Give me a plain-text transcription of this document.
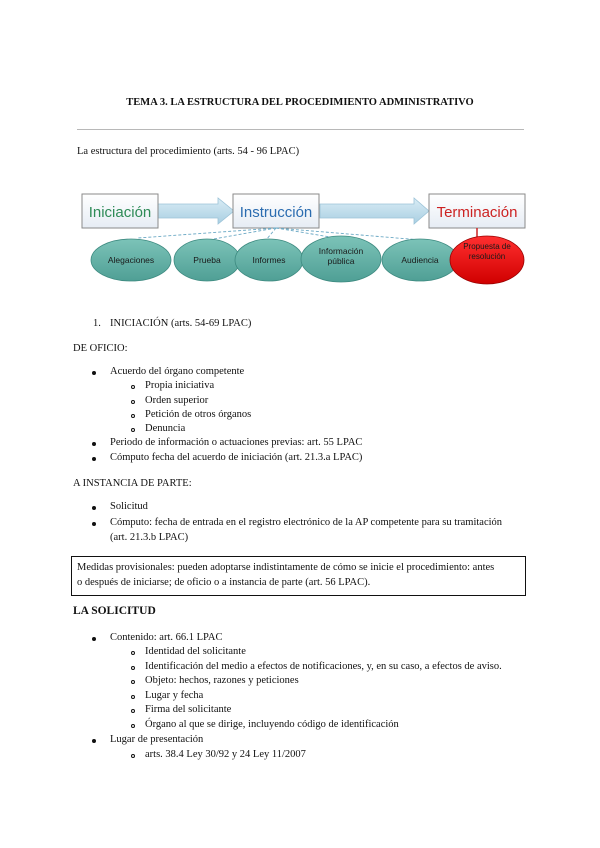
TEMA 3. LA ESTRUCTURA DEL PROCEDIMIENTO ADMINISTRATIVO
La estructura del procedimiento (arts. 54 - 96 LPAC)
Iniciación	Instrucción	Terminación
Alegaciones	Prueba	Informes
Información pública	Audiencia
Propuesta de resolución
1. INICIACIÓN (arts. 54-69 LPAC)
DE OFICIO:
Acuerdo del órgano competente
Propia iniciativa
Orden superior
Petición de otros órganos
Denuncia
Periodo de información o actuaciones previas: art. 55 LPAC
Cómputo fecha del acuerdo de iniciación (art. 21.3.a LPAC)
A INSTANCIA DE PARTE:
Solicitud
Cómputo: fecha de entrada en el registro electrónico de la AP competente para su tramitación
(art. 21.3.b LPAC)
Medidas provisionales: pueden adoptarse indistintamente de cómo se inicie el procedimiento: antes
o después de iniciarse; de oficio o a instancia de parte (art. 56 LPAC).
LA SOLICITUD
Contenido: art. 66.1 LPAC
Identidad del solicitante
Identificación del medio a efectos de notificaciones, y, en su caso, a efectos de aviso.
Objeto: hechos, razones y peticiones
Lugar y fecha
Firma del solicitante
Órgano al que se dirige, incluyendo código de identificación
Lugar de presentación
arts. 38.4 Ley 30/92 y 24 Ley 11/2007
